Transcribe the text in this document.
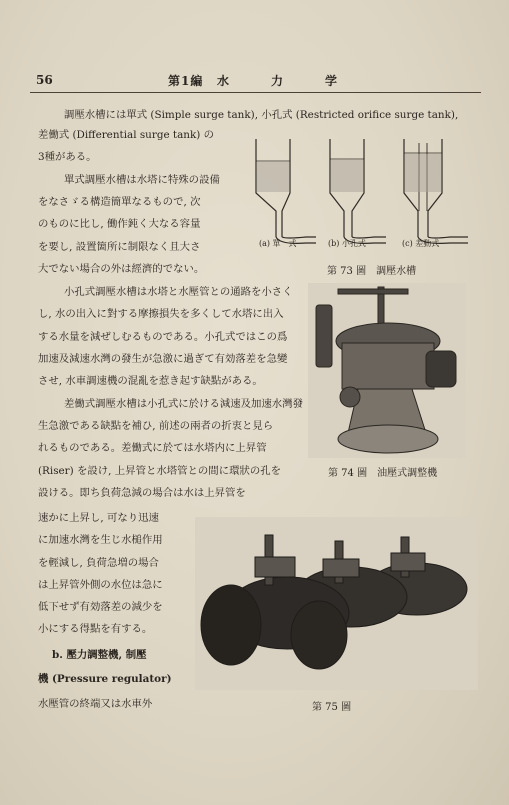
56	第1編 水	力	学
調壓水槽には單式 (Simple surge tank), 小孔式 (Restricted orifice surge tank),
差働式 (Differential surge tank) の
3種がある。
單式調壓水槽は水塔に特殊の設備
をなさゞる構造簡單なるもので, 次
のものに比し, 働作鈍く大なる容量
を要し, 設置箇所に制限なく且大さ
大でない場合の外は經濟的でない。
小孔式調壓水槽は水塔と水壓管との通路を小さく
し, 水の出入に對する摩擦損失を多くして水塔に出入
する水量を減ぜしむるものである。小孔式ではこの爲
加速及減速水灣の發生が急激に過ぎて有効落差を急變
させ, 水車調速機の混亂を惹き起す缺點がある。
差働式調壓水槽は小孔式に於ける減速及加速水灣發
生急激である缺點を補ひ, 前述の兩者の折衷と見ら
れるものである。差働式に於ては水塔内に上昇管
(Riser) を設け, 上昇管と水塔管との間に環狀の孔を
設ける。即ち負荷急減の場合は水は上昇管を
速かに上昇し, 可なり迅速
に加速水灣を生じ水槌作用
を輕減し, 負荷急増の場合
は上昇管外側の水位は急に
低下せず有効落差の減少を
小にする得點を有する。
b. 壓力調整機, 制壓
機 (Pressure regulator)
水壓管の終端又は水車外
(a) 單　式	(b) 小孔式	(c) 差動式
第 73 圖　調壓水槽
第 74 圖　油壓式調整機
第 75 圖
